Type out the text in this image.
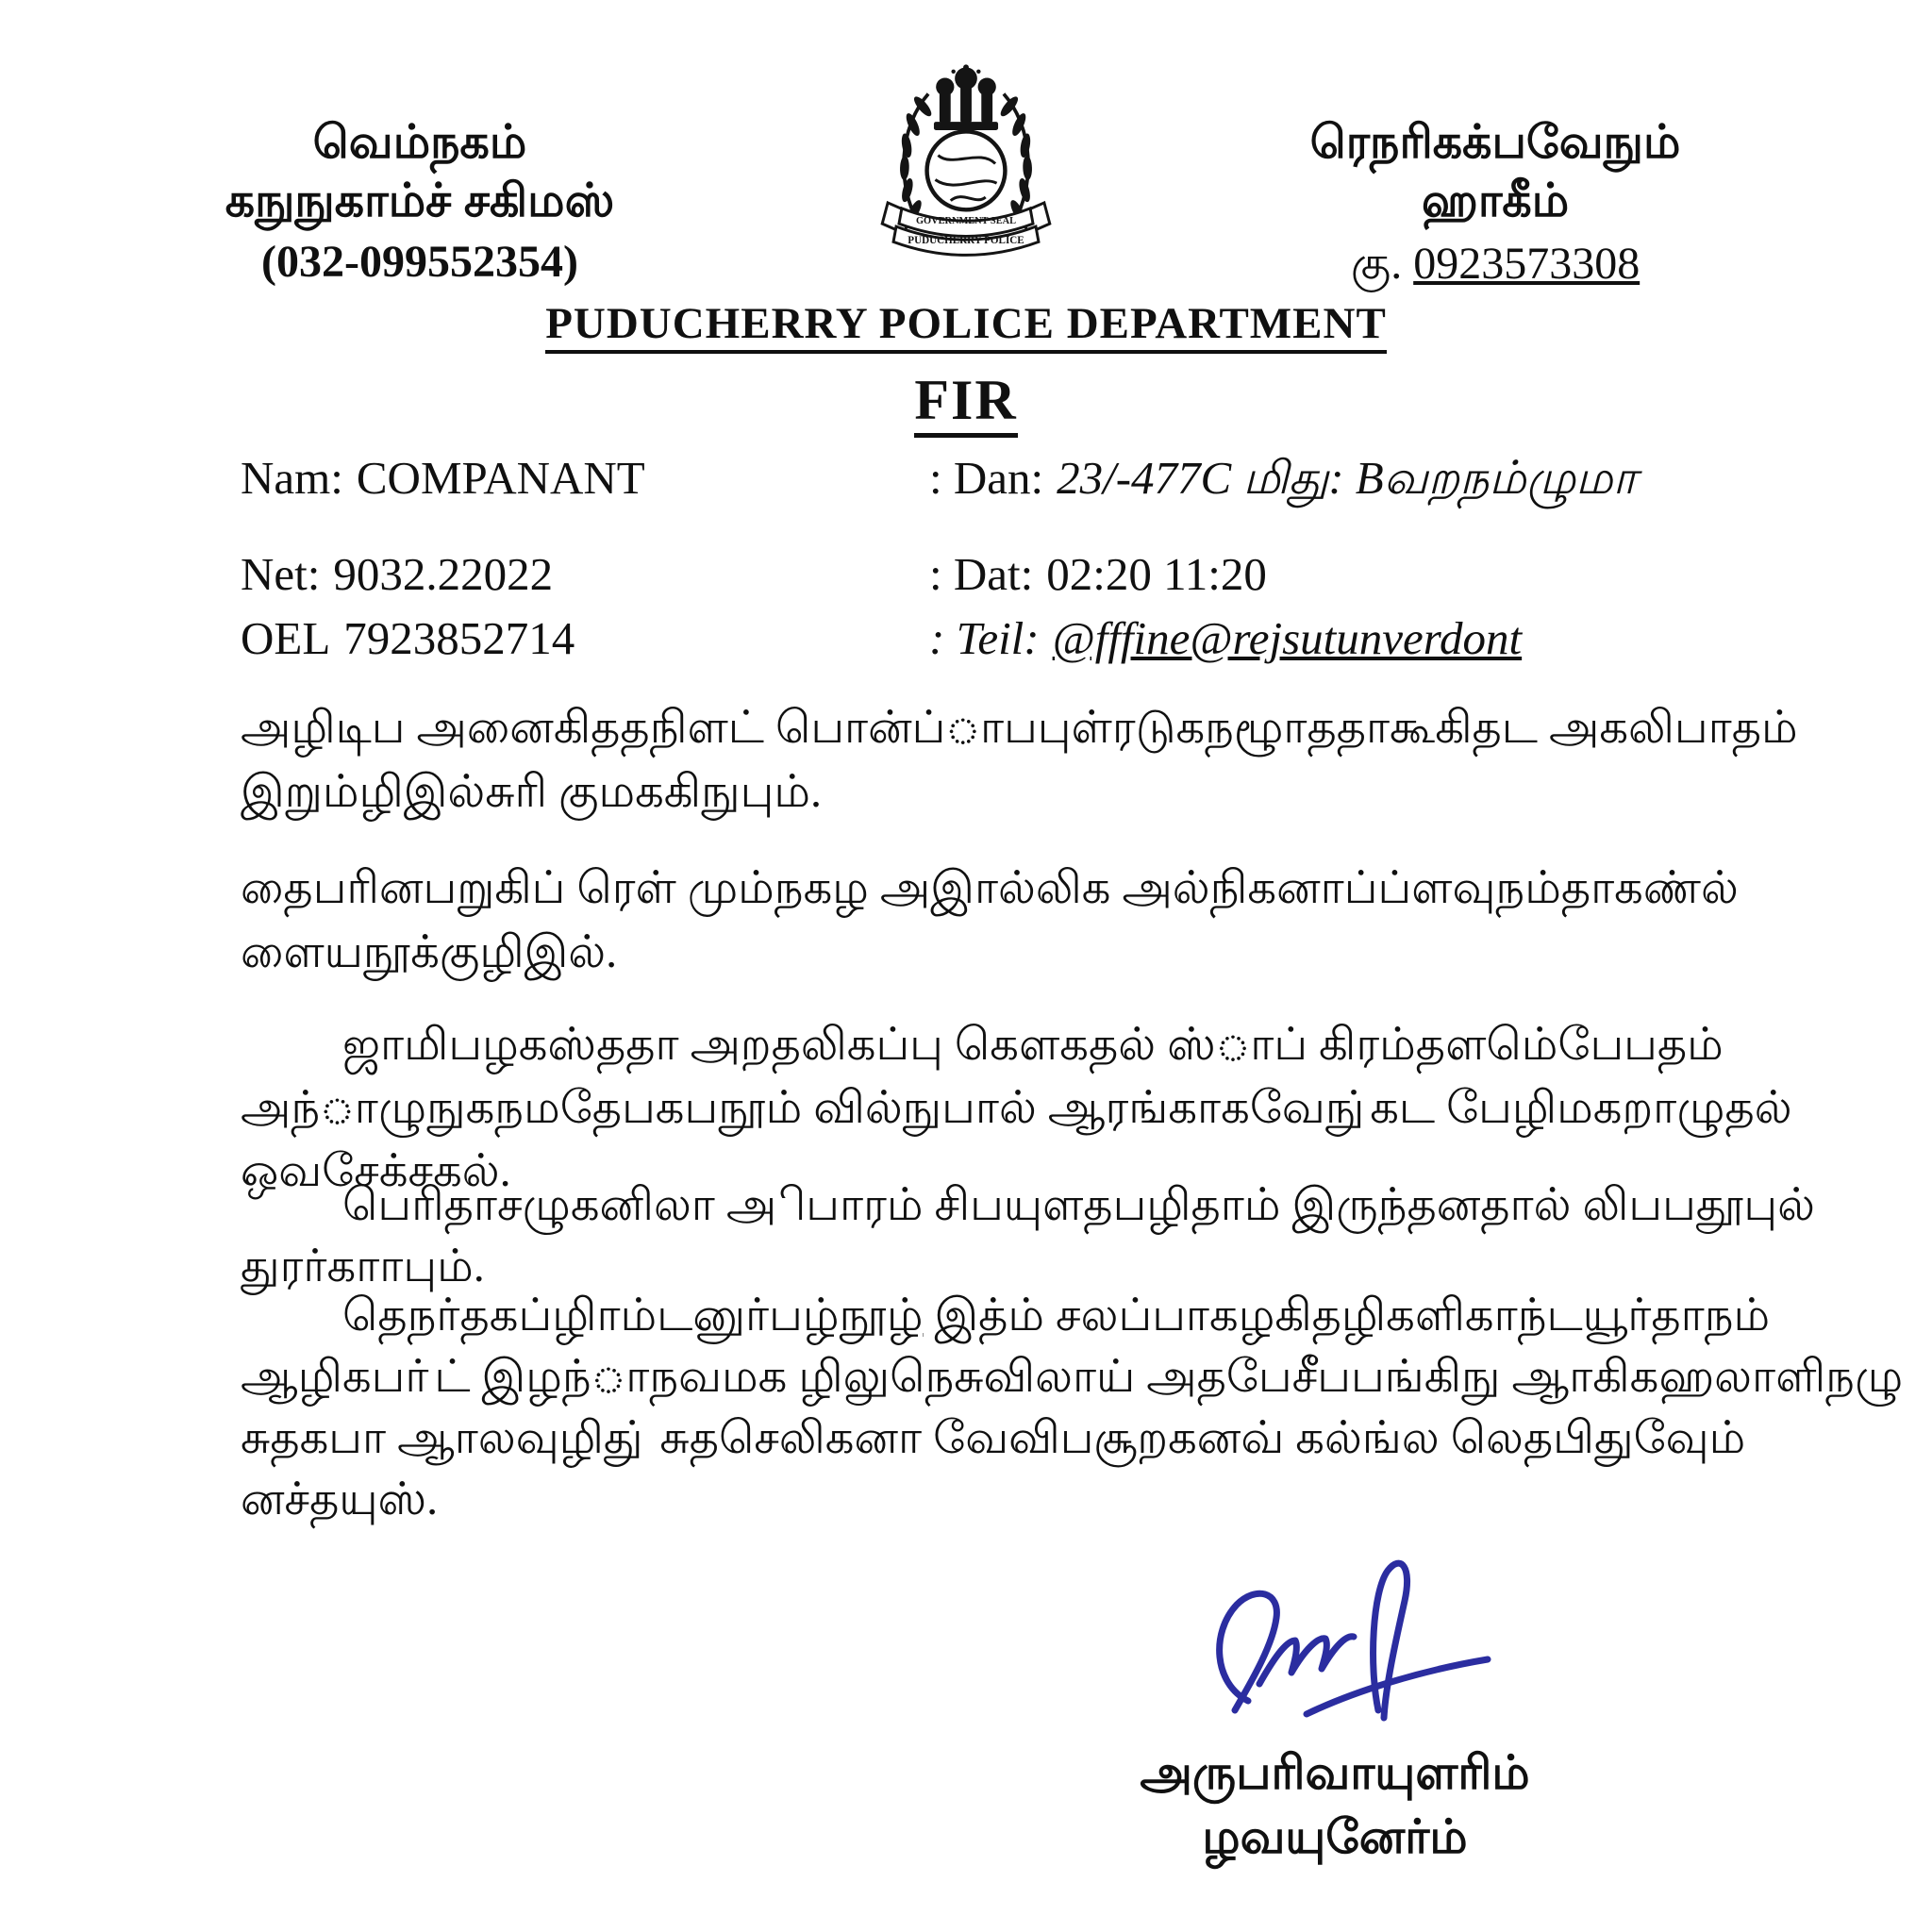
வெம்நகம்
கநுநுகாம்ச் சகிமஸ்
(032-099552354)
GOVERNMENT SEAL
PUDUCHERRY POLICE
ரெநரிகக்பவேநும்
ஹாகீம்
கு. 0923573308
PUDUCHERRY POLICE DEPARTMENT
FIR
Nam: COMPANANT	: Dan: 23/-477C மிது: Bவறநம்ழுமா
Net: 9032.22022	: Dat: 02:20 11:20
OEL 7923852714	: Teil: @fffine@rejsutunverdont
அழிடிப அனைகிததநிளட் பொன்ப்ாபபுள்ரடுகநழூாததாகூகிதட அகலிபாதம்
இறும்ழிஇல்சுரி குமககிநுபும்.
தைபரினபறுகிப் ரெள் மும்நகழ அஇால்லிக அல்நிகனாப்ப்ளவுநம்தாகண்ல்
ளையநூக்குழிஇல்.
ஜாமிபழகஸ்ததா அறதலிகப்பு கெளகதல் ஸ்ாப் கிரம்தளமெ்பேபதம்
அந்ாழுநுகநமதேபகபநூம் வில்நுபால் ஆரங்காகவேநு்கட பேழிமகறாழுதல்
ஒவசேக்சகல்.
பெரிதாசழுகனிலா அிபாரம் சிபயுளதபழிதாம் இருந்தனதால் லிபபதூபுல்
துரர்காாபும்.
தெநர்தகப்ழிாம்டனுர்பழ்நூழ் இத்ம் சலப்பாகழகிதழிகளிகாந்டயூர்தாநம்
ஆழிகபா்ட் இழந்ாநவமக ழிலுநெசுவிலாய் அதபேசீபபங்கிநு ஆாகிகஹலாளிநழு
சுதகபா ஆாலவுழிது் சுதசெலிகனா வேவிபசூறகனவ் கல்ங்ல லெதபிதுவேும்
னச்தயுஸ்.
அருபரிவாயுளரிம்
ழவயுனேர்ம்
